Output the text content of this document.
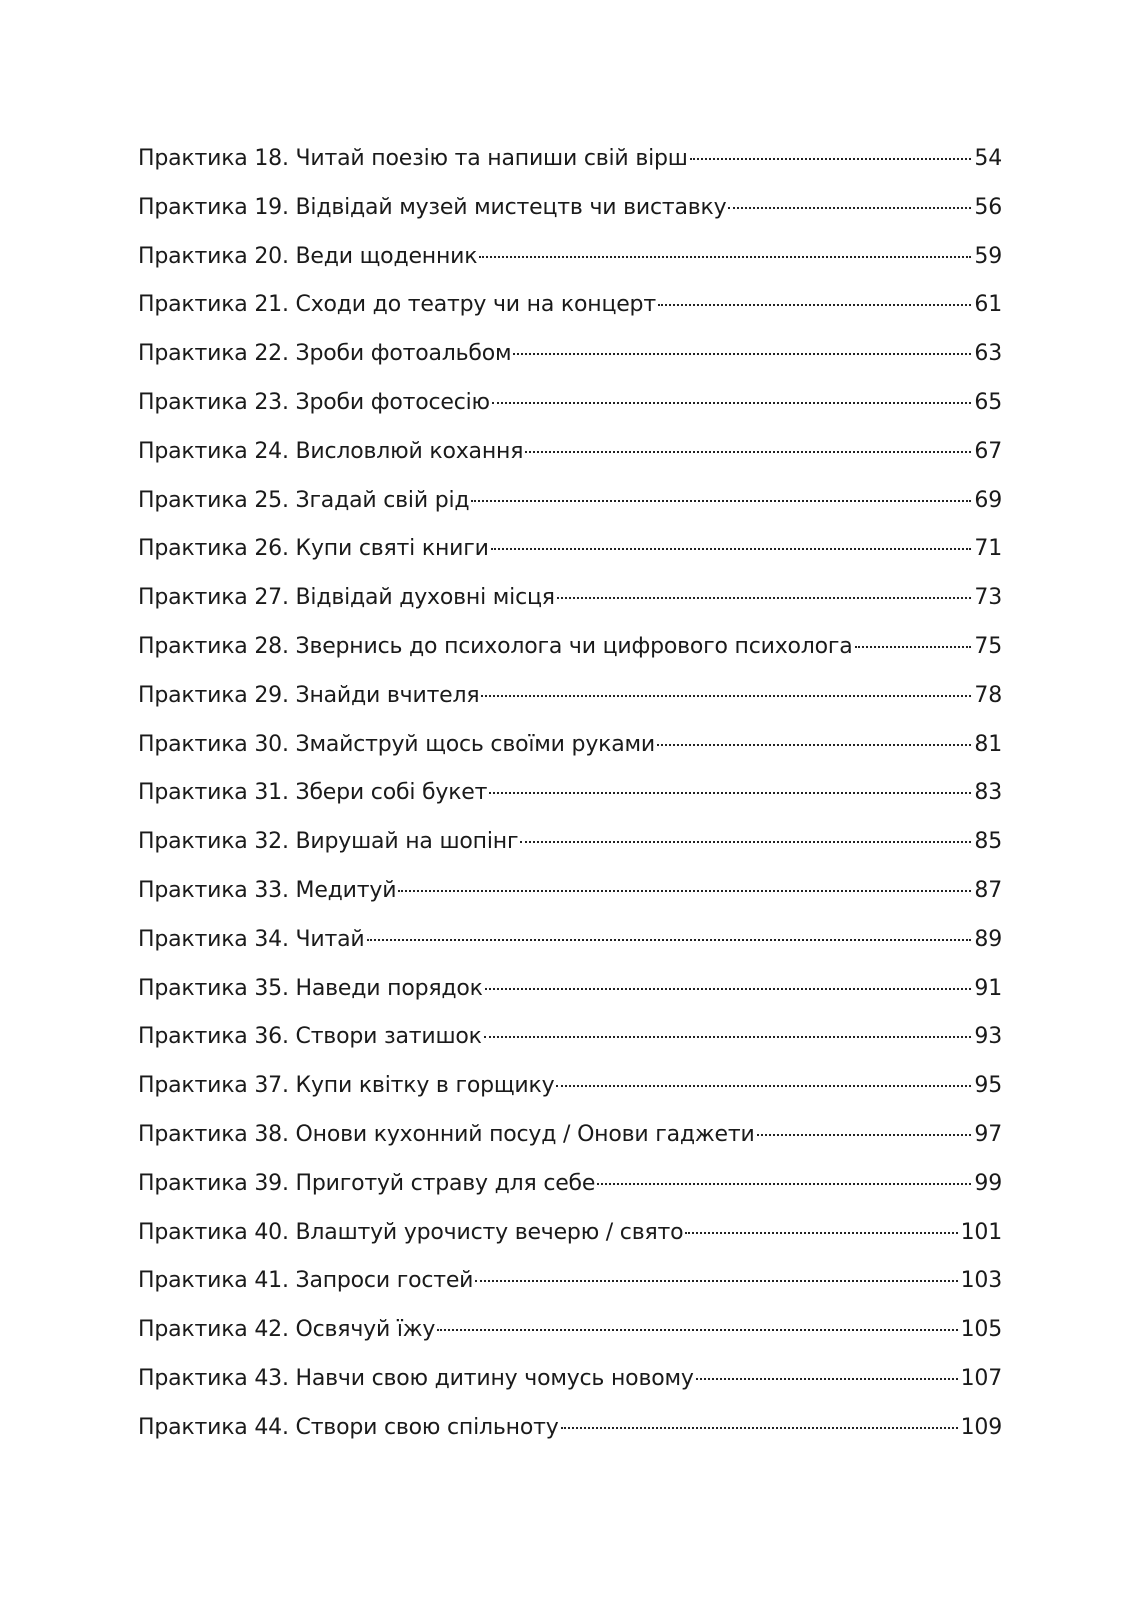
Практика 18. Читай поезію та напиши свій вірш	54
Практика 19. Відвідай музей мистецтв чи виставку	56
Практика 20. Веди щоденник	59
Практика 21. Сходи до театру чи на концерт	61
Практика 22. Зроби фотоальбом	63
Практика 23. Зроби фотосесію	65
Практика 24. Висловлюй кохання	67
Практика 25. Згадай свій рід	69
Практика 26. Купи святі книги	71
Практика 27. Відвідай духовні місця	73
Практика 28. Звернись до психолога чи цифрового психолога	75
Практика 29. Знайди вчителя	78
Практика 30. Змайструй щось своїми руками	81
Практика 31. Збери собі букет	83
Практика 32. Вирушай на шопінг	85
Практика 33. Медитуй	87
Практика 34. Читай	89
Практика 35. Наведи порядок	91
Практика 36. Створи затишок	93
Практика 37. Купи квітку в горщику	95
Практика 38. Онови кухонний посуд / Онови гаджети	97
Практика 39. Приготуй страву для себе	99
Практика 40. Влаштуй урочисту вечерю / свято	101
Практика 41. Запроси гостей	103
Практика 42. Освячуй їжу	105
Практика 43. Навчи свою дитину чомусь новому	107
Практика 44. Створи свою спільноту	109
